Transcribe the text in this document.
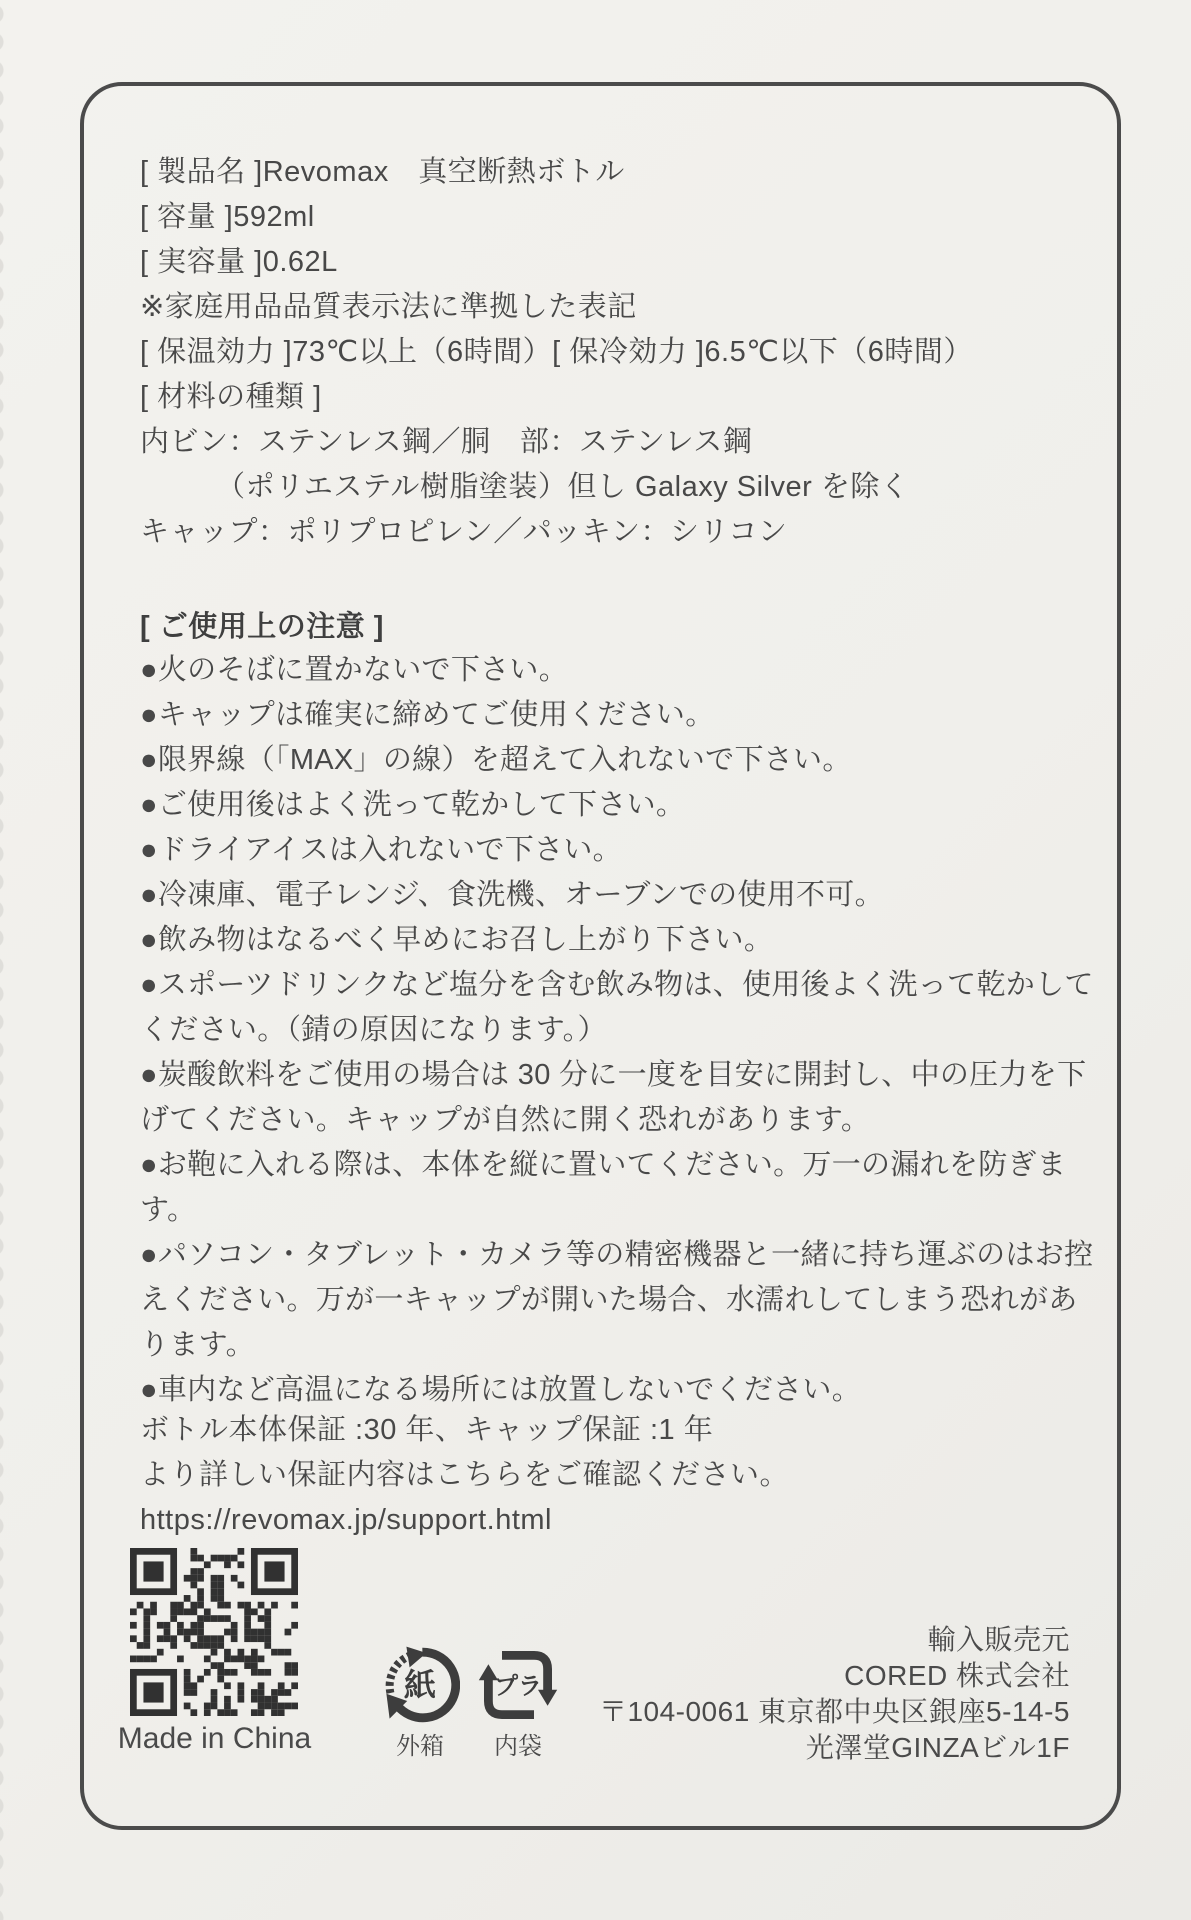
[ 製品名 ]Revomax　真空断熱ボトル
[ 容量 ]592ml
[ 実容量 ]0.62L
※家庭用品品質表示法に準拠した表記
[ 保温効力 ]73℃以上（6時間）[ 保冷効力 ]6.5℃以下（6時間）
[ 材料の種類 ]
内ビン：ステンレス鋼／胴　部：ステンレス鋼
（ポリエステル樹脂塗装）但し Galaxy Silver を除く
キャップ：ポリプロピレン／パッキン：シリコン
[ ご使用上の注意 ]
●火のそばに置かないで下さい。
●キャップは確実に締めてご使用ください。
●限界線（「MAX」の線）を超えて入れないで下さい。
●ご使用後はよく洗って乾かして下さい。
●ドライアイスは入れないで下さい。
●冷凍庫、電子レンジ、食洗機、オーブンでの使用不可。
●飲み物はなるべく早めにお召し上がり下さい。
●スポーツドリンクなど塩分を含む飲み物は、使用後よく洗って乾かしてください。（錆の原因になります。）
●炭酸飲料をご使用の場合は 30 分に一度を目安に開封し、中の圧力を下げてください。キャップが自然に開く恐れがあります。
●お鞄に入れる際は、本体を縦に置いてください。万一の漏れを防ぎます。
●パソコン・タブレット・カメラ等の精密機器と一緒に持ち運ぶのはお控えください。万が一キャップが開いた場合、水濡れしてしまう恐れがあります。
●車内など高温になる場所には放置しないでください。
ボトル本体保証 :30 年、キャップ保証 :1 年
より詳しい保証内容はこちらをご確認ください。
https://revomax.jp/support.html
Made in China
紙 プラ
外箱	内袋
輸入販売元
CORED 株式会社
〒104-0061 東京都中央区銀座5-14-5
光澤堂GINZAビル1F
